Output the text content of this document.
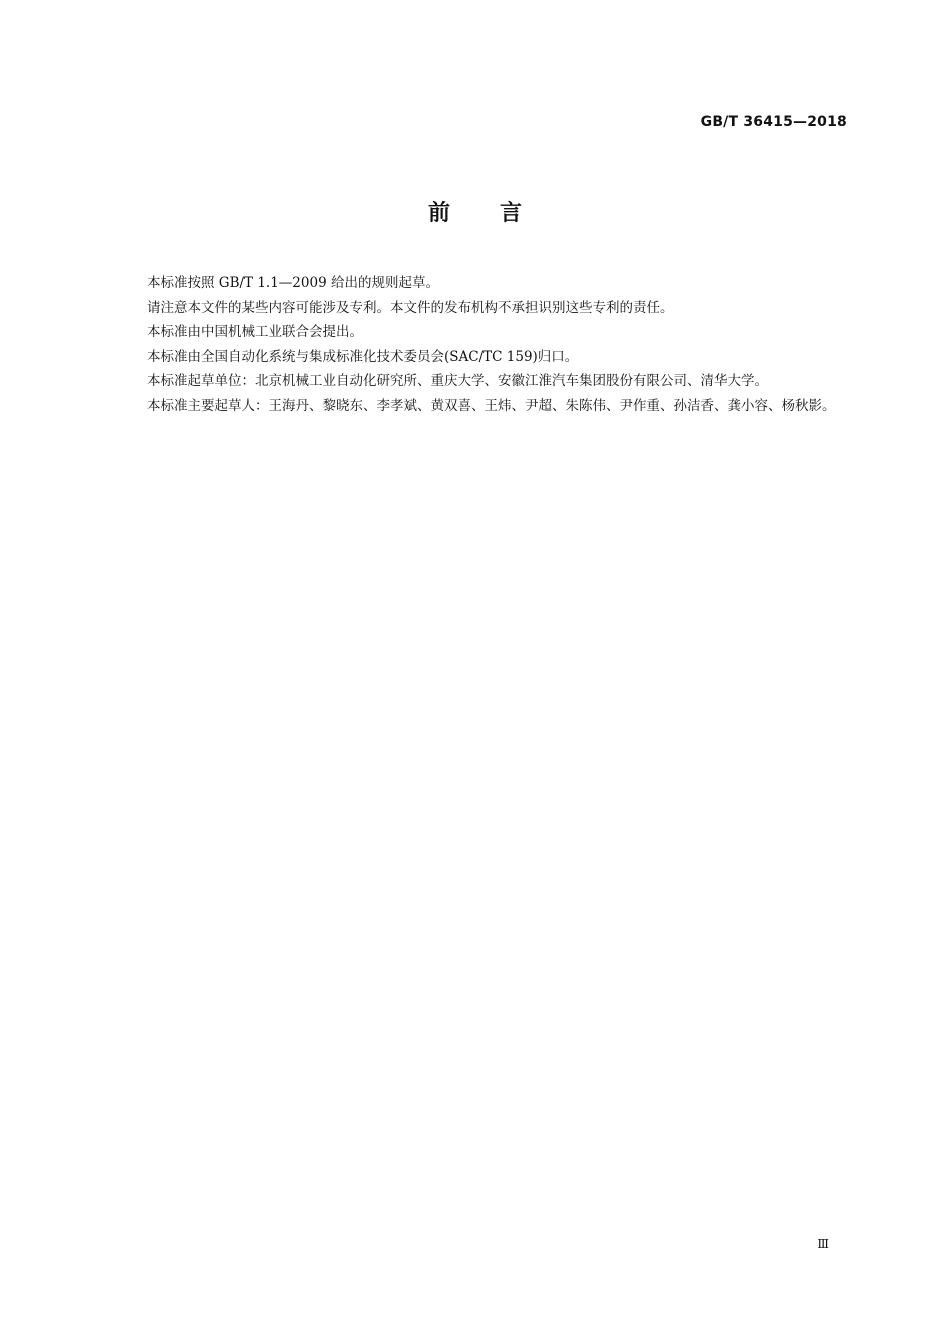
GB/T 36415—2018
前 言

本标准按照 GB/T 1.1—2009 给出的规则起草。

请注意本文件的某些内容可能涉及专利。本文件的发布机构不承担识别这些专利的责任。

本标准由中国机械工业联合会提出。

本标准由全国自动化系统与集成标准化技术委员会(SAC/TC 159)归口。

本标准起草单位：北京机械工业自动化研究所、重庆大学、安徽江淮汽车集团股份有限公司、清华大学。

本标准主要起草人：王海丹、黎晓东、李孝斌、黄双喜、王炜、尹超、朱陈伟、尹作重、孙洁香、龚小容、杨秋影。

Ⅲ
